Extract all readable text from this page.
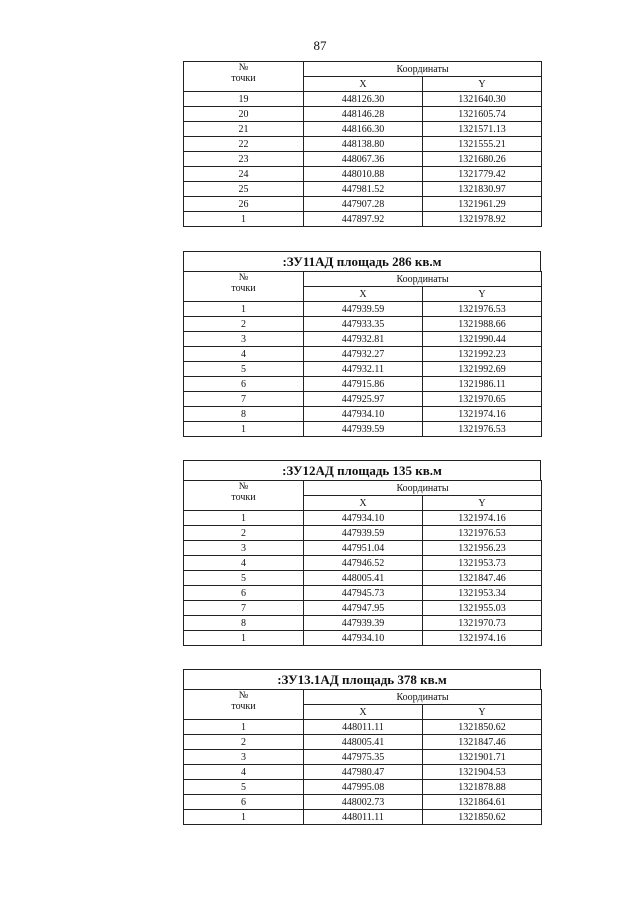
87
№
точки	Координаты	
	X	Y
19	448126.30	1321640.30
20	448146.28	1321605.74
21	448166.30	1321571.13
22	448138.80	1321555.21
23	448067.36	1321680.26
24	448010.88	1321779.42
25	447981.52	1321830.97
26	447907.28	1321961.29
1	447897.92	1321978.92
:ЗУ11АД площадь 286 кв.м
№
точки	Координаты	
	X	Y
1	447939.59	1321976.53
2	447933.35	1321988.66
3	447932.81	1321990.44
4	447932.27	1321992.23
5	447932.11	1321992.69
6	447915.86	1321986.11
7	447925.97	1321970.65
8	447934.10	1321974.16
1	447939.59	1321976.53
:ЗУ12АД площадь 135 кв.м
№
точки	Координаты	
	X	Y
1	447934.10	1321974.16
2	447939.59	1321976.53
3	447951.04	1321956.23
4	447946.52	1321953.73
5	448005.41	1321847.46
6	447945.73	1321953.34
7	447947.95	1321955.03
8	447939.39	1321970.73
1	447934.10	1321974.16
:ЗУ13.1АД площадь 378 кв.м
№
точки	Координаты	
	X	Y
1	448011.11	1321850.62
2	448005.41	1321847.46
3	447975.35	1321901.71
4	447980.47	1321904.53
5	447995.08	1321878.88
6	448002.73	1321864.61
1	448011.11	1321850.62
